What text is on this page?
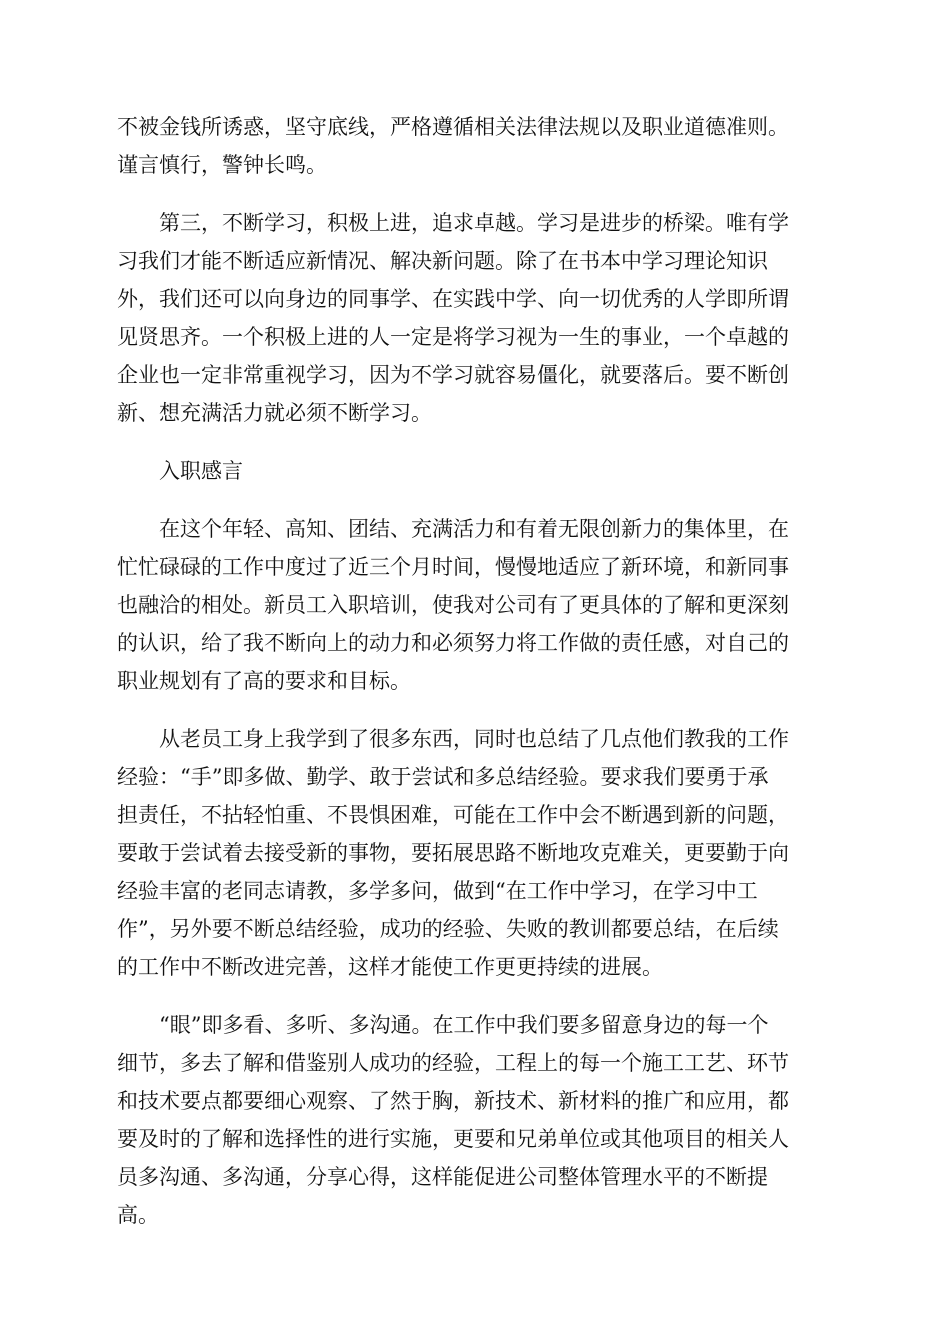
不被金钱所诱惑，坚守底线，严格遵循相关法律法规以及职业道德准则。
谨言慎行，警钟长鸣。
第三，不断学习，积极上进，追求卓越。学习是进步的桥梁。唯有学
习我们才能不断适应新情况、解决新问题。除了在书本中学习理论知识
外，我们还可以向身边的同事学、在实践中学、向一切优秀的人学即所谓
见贤思齐。一个积极上进的人一定是将学习视为一生的事业，一个卓越的
企业也一定非常重视学习，因为不学习就容易僵化，就要落后。要不断创
新、想充满活力就必须不断学习。
入职感言
在这个年轻、高知、团结、充满活力和有着无限创新力的集体里，在
忙忙碌碌的工作中度过了近三个月时间，慢慢地适应了新环境，和新同事
也融洽的相处。新员工入职培训，使我对公司有了更具体的了解和更深刻
的认识，给了我不断向上的动力和必须努力将工作做的责任感，对自己的
职业规划有了高的要求和目标。
从老员工身上我学到了很多东西，同时也总结了几点他们教我的工作
经验：“手”即多做、勤学、敢于尝试和多总结经验。要求我们要勇于承
担责任，不拈轻怕重、不畏惧困难，可能在工作中会不断遇到新的问题，
要敢于尝试着去接受新的事物，要拓展思路不断地攻克难关，更要勤于向
经验丰富的老同志请教，多学多问，做到“在工作中学习，在学习中工
作”，另外要不断总结经验，成功的经验、失败的教训都要总结，在后续
的工作中不断改进完善，这样才能使工作更更持续的进展。
“眼”即多看、多听、多沟通。在工作中我们要多留意身边的每一个
细节，多去了解和借鉴别人成功的经验，工程上的每一个施工工艺、环节
和技术要点都要细心观察、了然于胸，新技术、新材料的推广和应用，都
要及时的了解和选择性的进行实施，更要和兄弟单位或其他项目的相关人
员多沟通、多沟通，分享心得，这样能促进公司整体管理水平的不断提
高。
